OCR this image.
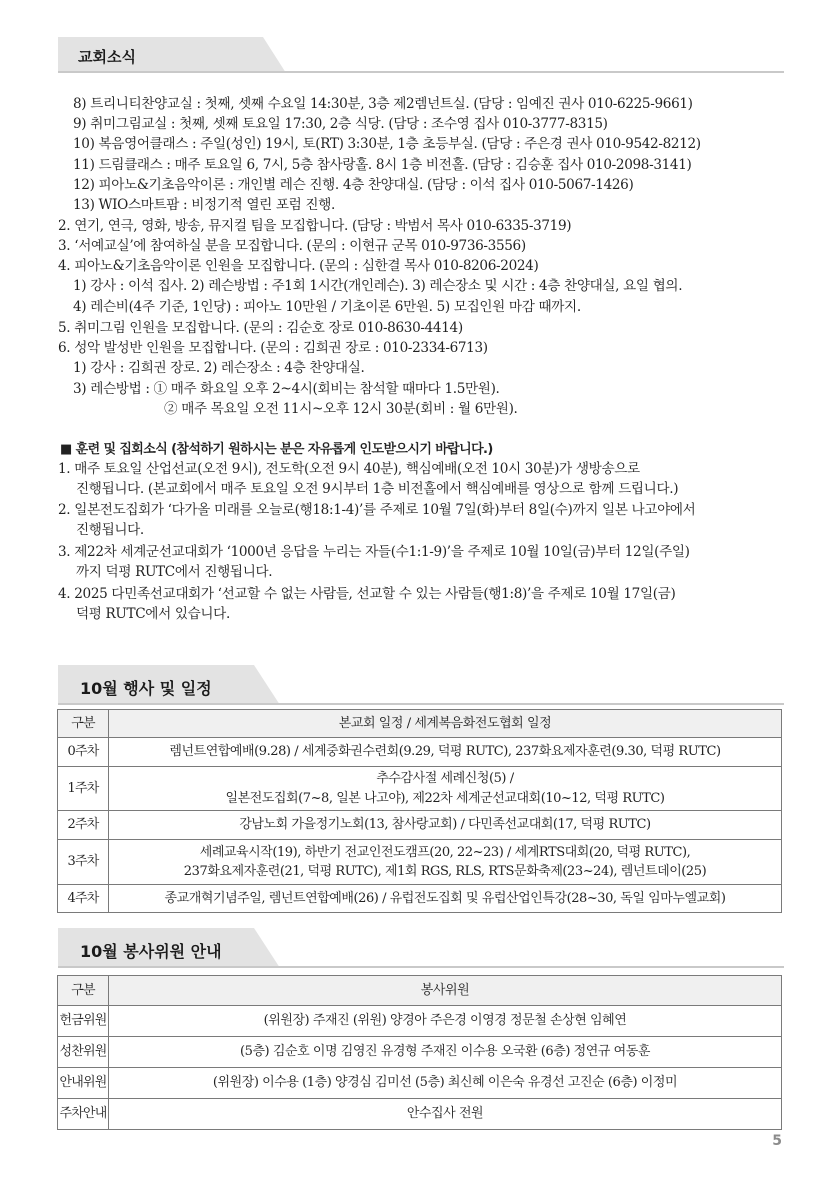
교회소식
8) 트리니티찬양교실 : 첫째, 셋째 수요일 14:30분, 3층 제2렘넌트실. (담당 : 임예진 권사 010-6225-9661)
9) 취미그림교실 : 첫째, 셋째 토요일 17:30, 2층 식당. (담당 : 조수영 집사 010-3777-8315)
10) 복음영어클래스 : 주일(성인) 19시, 토(RT) 3:30분, 1층 초등부실. (담당 : 주은경 권사 010-9542-8212)
11) 드림클래스 : 매주 토요일 6, 7시, 5층 참사랑홀. 8시 1층 비전홀. (담당 : 김승훈 집사 010-2098-3141)
12) 피아노&기초음악이론 : 개인별 레슨 진행. 4층 찬양대실. (담당 : 이석 집사 010-5067-1426)
13) WIO스마트팜 : 비정기적 열린 포럼 진행.
2. 연기, 연극, 영화, 방송, 뮤지컬 팀을 모집합니다. (담당 : 박범서 목사 010-6335-3719)
3. ‘서예교실’에 참여하실 분을 모집합니다. (문의 : 이현규 군목 010-9736-3556)
4. 피아노&기초음악이론 인원을 모집합니다. (문의 : 심한결 목사 010-8206-2024)
1) 강사 : 이석 집사. 2) 레슨방법 : 주1회 1시간(개인레슨). 3) 레슨장소 및 시간 : 4층 찬양대실, 요일 협의.
4) 레슨비(4주 기준, 1인당) : 피아노 10만원 / 기초이론 6만원. 5) 모집인원 마감 때까지.
5. 취미그림 인원을 모집합니다. (문의 : 김순호 장로 010-8630-4414)
6. 성악 발성반 인원을 모집합니다. (문의 : 김희권 장로 : 010-2334-6713)
1) 강사 : 김희권 장로. 2) 레슨장소 : 4층 찬양대실.
3) 레슨방법 : ① 매주 화요일 오후 2~4시(회비는 참석할 때마다 1.5만원).
② 매주 목요일 오전 11시~오후 12시 30분(회비 : 월 6만원).
■ 훈련 및 집회소식 (참석하기 원하시는 분은 자유롭게 인도받으시기 바랍니다.)
1. 매주 토요일 산업선교(오전 9시), 전도학(오전 9시 40분), 핵심예배(오전 10시 30분)가 생방송으로
진행됩니다. (본교회에서 매주 토요일 오전 9시부터 1층 비전홀에서 핵심예배를 영상으로 함께 드립니다.)
2. 일본전도집회가 ‘다가올 미래를 오늘로(행18:1-4)’를 주제로 10월 7일(화)부터 8일(수)까지 일본 나고야에서
진행됩니다.
3. 제22차 세계군선교대회가 ‘1000년 응답을 누리는 자들(수1:1-9)’을 주제로 10월 10일(금)부터 12일(주일)
까지 덕평 RUTC에서 진행됩니다.
4. 2025 다민족선교대회가 ‘선교할 수 없는 사람들, 선교할 수 있는 사람들(행1:8)’을 주제로 10월 17일(금)
덕평 RUTC에서 있습니다.
10월 행사 및 일정
구분	본교회 일정 / 세계복음화전도협회 일정
0주차	렘넌트연합예배(9.28) / 세계중화권수련회(9.29, 덕평 RUTC), 237화요제자훈련(9.30, 덕평 RUTC)

1주차	추수감사절 세례신청(5) /
일본전도집회(7~8, 일본 나고야), 제22차 세계군선교대회(10~12, 덕평 RUTC)

2주차	강남노회 가을정기노회(13, 참사랑교회) / 다민족선교대회(17, 덕평 RUTC)

3주차	세례교육시작(19), 하반기 전교인전도캠프(20, 22~23) / 세계RTS대회(20, 덕평 RUTC),
237화요제자훈련(21, 덕평 RUTC), 제1회 RGS, RLS, RTS문화축제(23~24), 렘넌트데이(25)

4주차	종교개혁기념주일, 렘넌트연합예배(26) / 유럽전도집회 및 유럽산업인특강(28~30, 독일 임마누엘교회)
10월 봉사위원 안내
구분	봉사위원
헌금위원	(위원장) 주재진 (위원) 양경아 주은경 이영경 정문철 손상현 임혜연
성찬위원	(5층) 김순호 이명 김영진 유경형 주재진 이수용 오국환 (6층) 정연규 여동훈
안내위원	(위원장) 이수용 (1층) 양경심 김미선 (5층) 최신혜 이은숙 유경선 고진순 (6층) 이정미
주차안내	안수집사 전원
5
